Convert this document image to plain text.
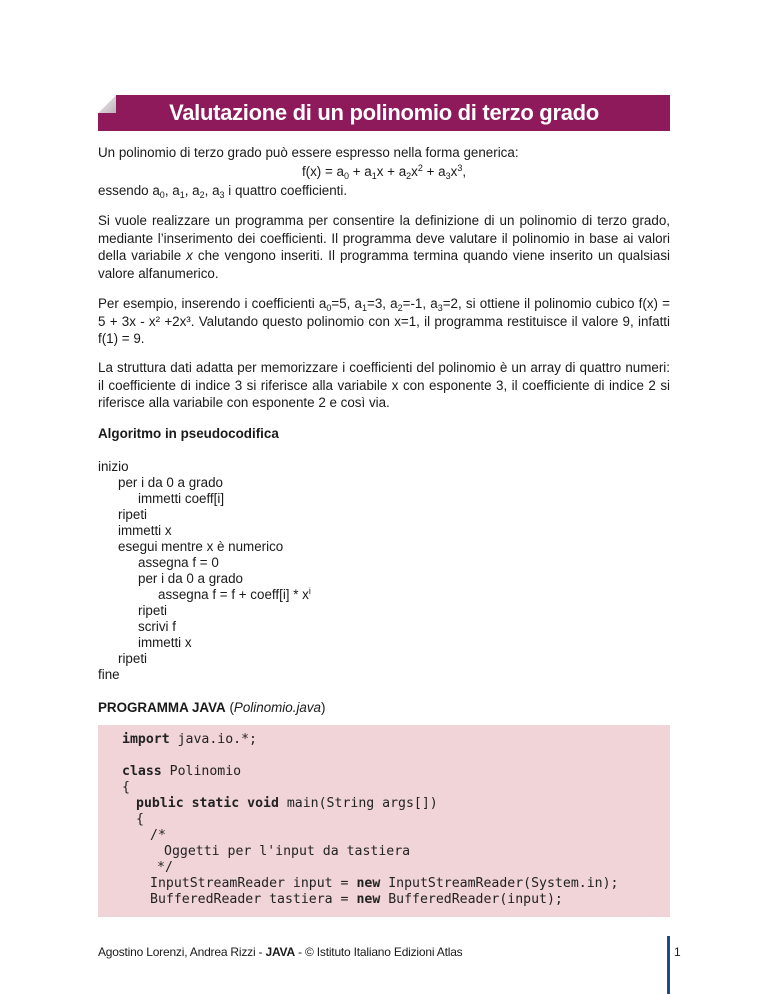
Valutazione di un polinomio di terzo grado
Un polinomio di terzo grado può essere espresso nella forma generica:
$f(x) = a_0 + a_1x + a_2x^2 + a_3x^3$,
essendo $a_0$, $a_1$, $a_2$, $a_3$ i quattro coefficienti.
Si vuole realizzare un programma per consentire la definizione di un polinomio di terzo grado, mediante l’inserimento dei coefficienti. Il programma deve valutare il polinomio in base ai valori della variabile x che vengono inseriti. Il programma termina quando viene inserito un qualsiasi valore alfanumerico.
Per esempio, inserendo i coefficienti $a_0=5$, $a_1=3$, $a_2=-1$, $a_3=2$, si ottiene il polinomio cubico f(x) = 5 + 3x - x² +2x³. Valutando questo polinomio con x=1, il programma restituisce il valore 9, infatti f(1) = 9.
La struttura dati adatta per memorizzare i coefficienti del polinomio è un array di quattro numeri: il coefficiente di indice 3 si riferisce alla variabile x con esponente 3, il coefficiente di indice 2 si riferisce alla variabile con esponente 2 e così via.
Algoritmo in pseudocodifica
inizio
per i da 0 a grado
immetti coeff[i]
ripeti
immetti x
esegui mentre x è numerico
assegna f = 0
per i da 0 a grado
assegna f = f + coeff[i] * $x^i$
ripeti
scrivi f
immetti x
ripeti
fine
PROGRAMMA JAVA (Polinomio.java)
import java.io.*;
class Polinomio
{
public static void main(String args[])
{
/*
Oggetti per l'input da tastiera
*/
InputStreamReader input = new InputStreamReader(System.in);
BufferedReader tastiera = new BufferedReader(input);
Agostino Lorenzi, Andrea Rizzi - JAVA - © Istituto Italiano Edizioni Atlas	1
